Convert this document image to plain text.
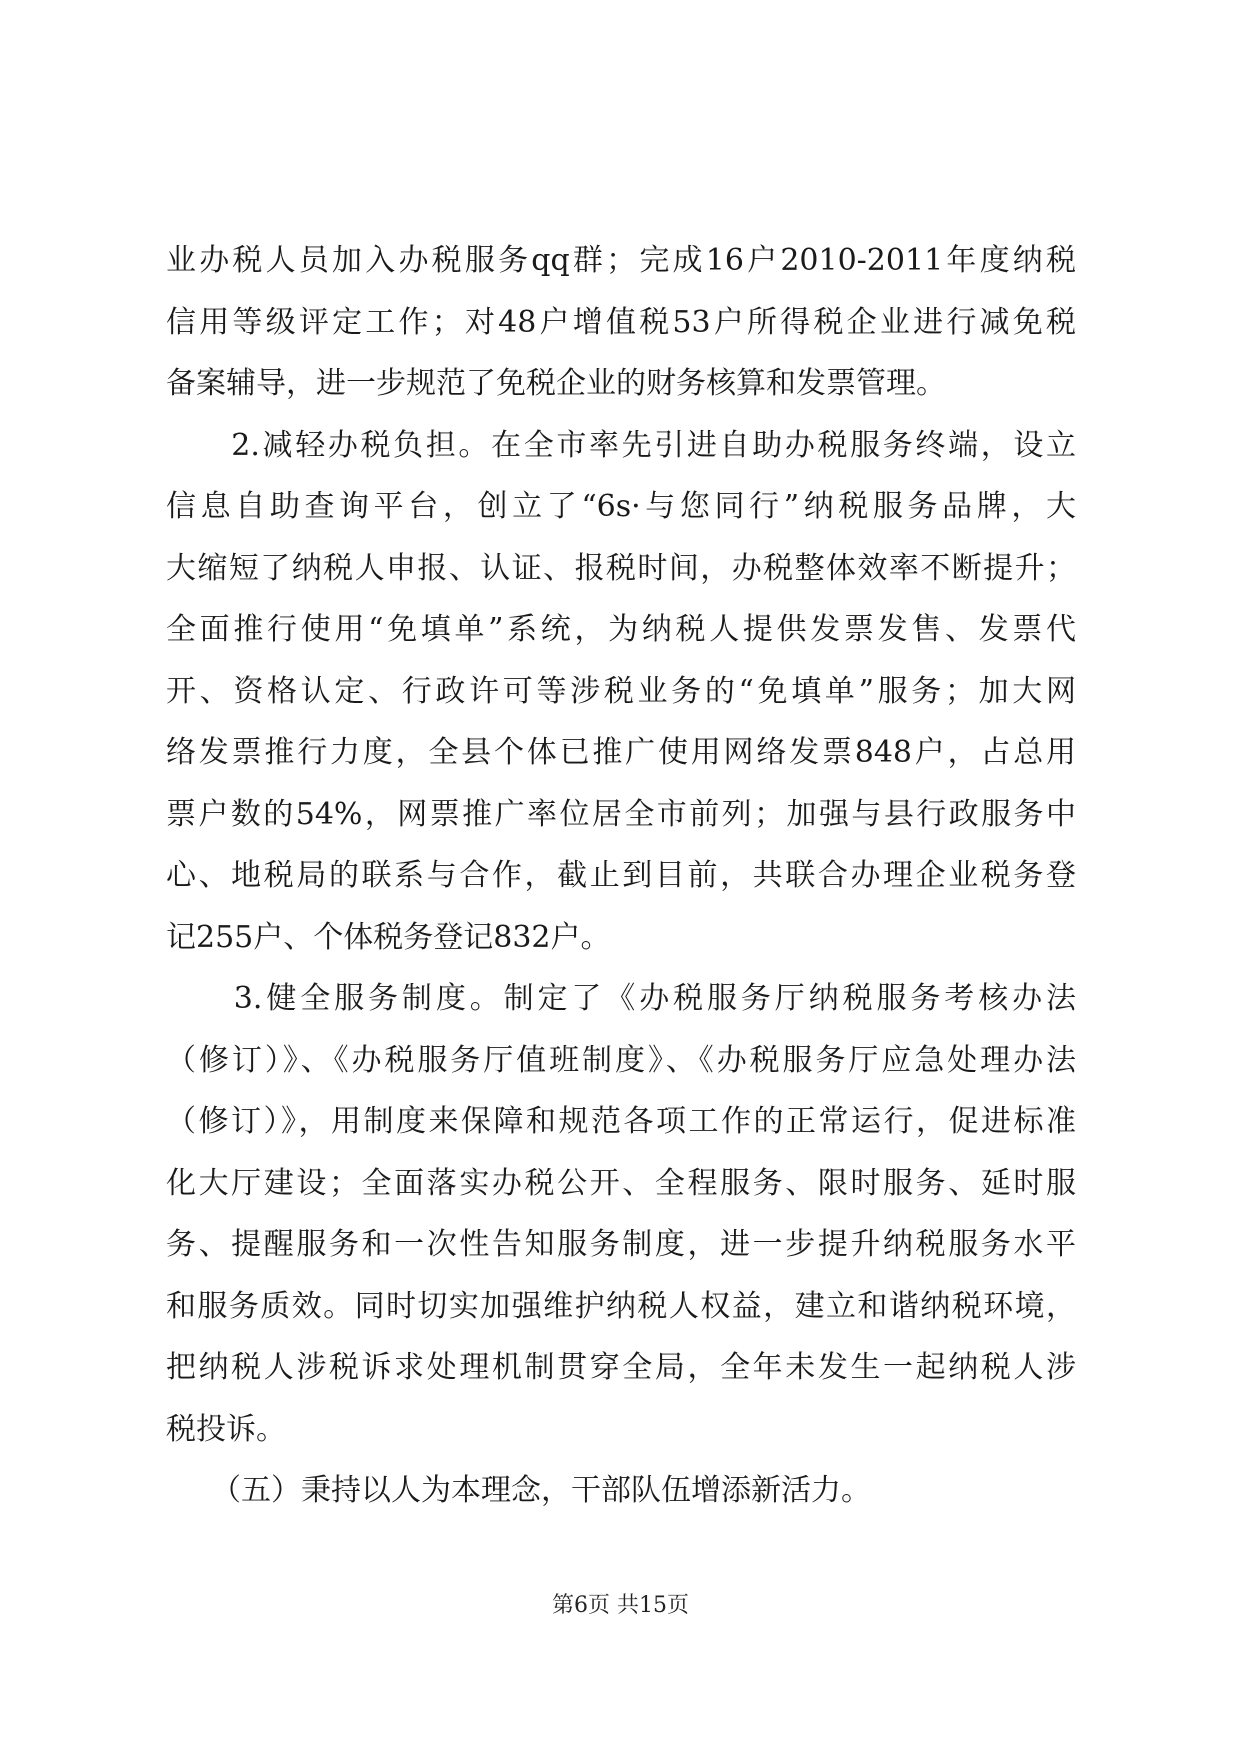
业办税人员加入办税服务qq群；完成16户2010-2011年度纳税
信用等级评定工作；对48户增值税53户所得税企业进行减免税
备案辅导，进一步规范了免税企业的财务核算和发票管理。
　　2.减轻办税负担。在全市率先引进自助办税服务终端，设立
信息自助查询平台，创立了“6s·与您同行”纳税服务品牌，大
大缩短了纳税人申报、认证、报税时间，办税整体效率不断提升；
全面推行使用“免填单”系统，为纳税人提供发票发售、发票代
开、资格认定、行政许可等涉税业务的“免填单”服务；加大网
络发票推行力度，全县个体已推广使用网络发票848户，占总用
票户数的54%，网票推广率位居全市前列；加强与县行政服务中
心、地税局的联系与合作，截止到目前，共联合办理企业税务登
记255户、个体税务登记832户。
　　3.健全服务制度。制定了《办税服务厅纳税服务考核办法
（修订）》、《办税服务厅值班制度》、《办税服务厅应急处理办法
（修订）》，用制度来保障和规范各项工作的正常运行，促进标准
化大厅建设；全面落实办税公开、全程服务、限时服务、延时服
务、提醒服务和一次性告知服务制度，进一步提升纳税服务水平
和服务质效。同时切实加强维护纳税人权益，建立和谐纳税环境，
把纳税人涉税诉求处理机制贯穿全局，全年未发生一起纳税人涉
税投诉。
　　（五）秉持以人为本理念，干部队伍增添新活力。
第6页 共15页
